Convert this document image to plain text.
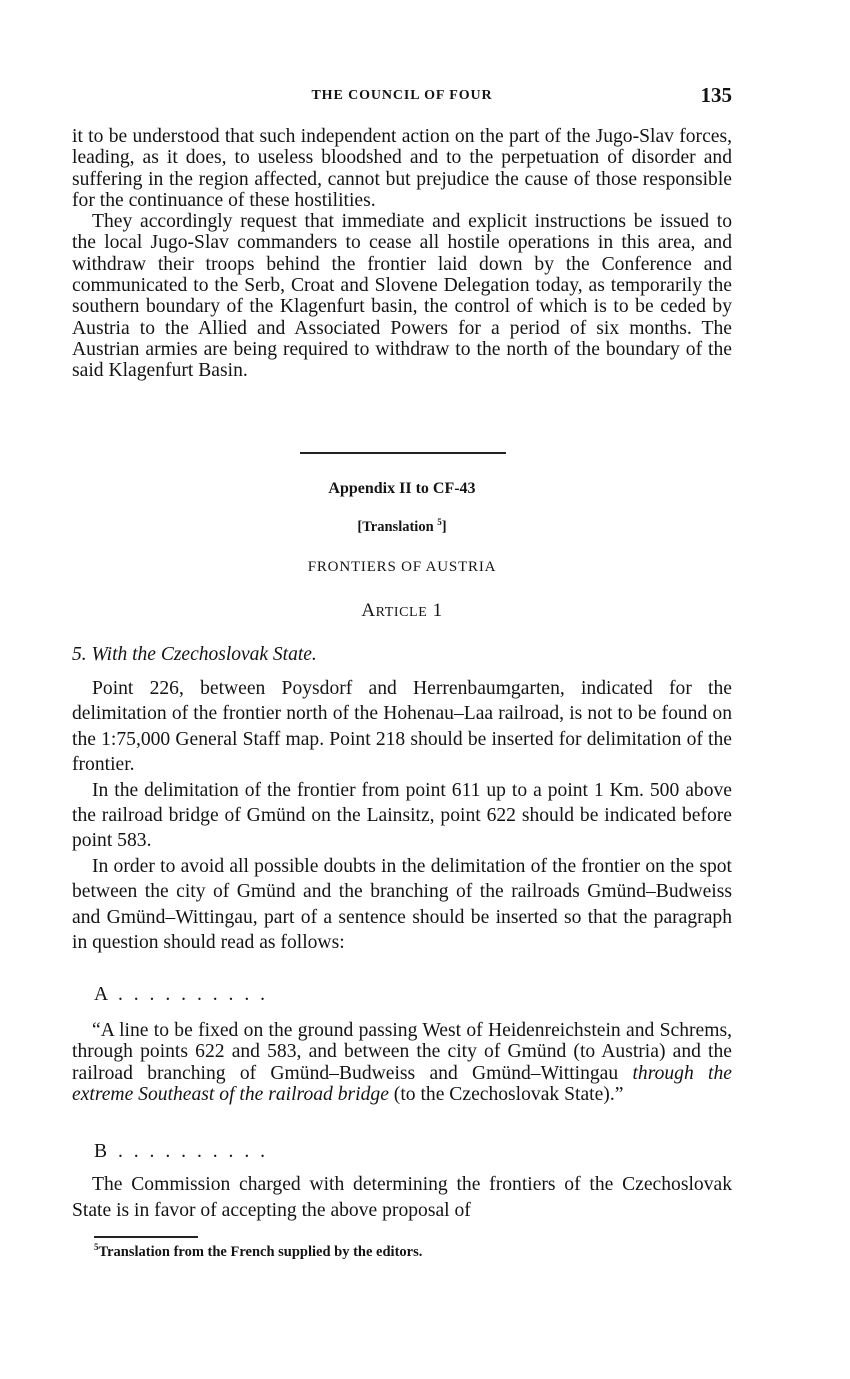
THE COUNCIL OF FOUR	135

it to be understood that such independent action on the part of the Jugo-Slav forces, leading, as it does, to useless bloodshed and to the perpetuation of disorder and suffering in the region affected, cannot but prejudice the cause of those responsible for the continuance of these hostilities.

They accordingly request that immediate and explicit instructions be issued to the local Jugo-Slav commanders to cease all hostile operations in this area, and withdraw their troops behind the frontier laid down by the Conference and communicated to the Serb, Croat and Slovene Delegation today, as temporarily the southern boundary of the Klagenfurt basin, the control of which is to be ceded by Austria to the Allied and Associated Powers for a period of six months. The Austrian armies are being required to withdraw to the north of the boundary of the said Klagenfurt Basin.

Appendix II to CF-43
[Translation $^5$]
FRONTIERS OF AUSTRIA
ARTICLE 1

5. With the Czechoslovak State.

Point 226, between Poysdorf and Herrenbaumgarten, indicated for the delimitation of the frontier north of the Hohenau–Laa railroad, is not to be found on the 1:75,000 General Staff map. Point 218 should be inserted for delimitation of the frontier.

In the delimitation of the frontier from point 611 up to a point 1 Km. 500 above the railroad bridge of Gmünd on the Lainsitz, point 622 should be indicated before point 583.

In order to avoid all possible doubts in the delimitation of the frontier on the spot between the city of Gmünd and the branching of the railroads Gmünd–Budweiss and Gmünd–Wittingau, part of a sentence should be inserted so that the paragraph in question should read as follows:

A . . . . . . . . . .

“A line to be fixed on the ground passing West of Heidenreichstein and Schrems, through points 622 and 583, and between the city of Gmünd (to Austria) and the railroad branching of Gmünd–Budweiss and Gmünd–Wittingau through the extreme Southeast of the railroad bridge (to the Czechoslovak State).”

B . . . . . . . . . .

The Commission charged with determining the frontiers of the Czechoslovak State is in favor of accepting the above proposal of

$^5$Translation from the French supplied by the editors.
